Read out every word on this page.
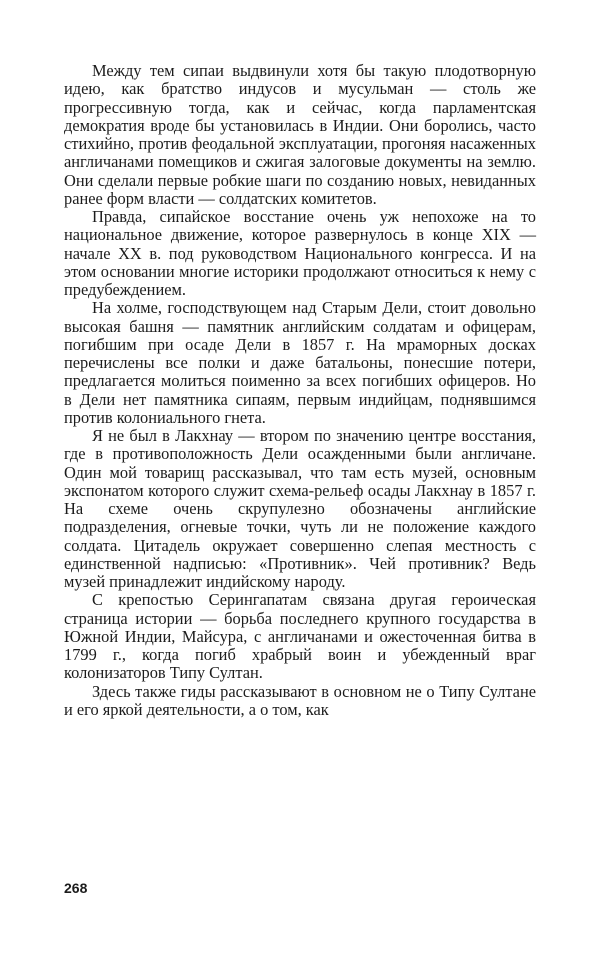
Между тем сипаи выдвинули хотя бы такую плодотворную идею, как братство индусов и мусульман — столь же прогрессивную тогда, как и сейчас, когда парламентская демократия вроде бы установилась в Индии. Они боролись, часто стихийно, против феодальной эксплуатации, прогоняя насаженных англичанами помещиков и сжигая залоговые документы на землю. Они сделали первые робкие шаги по созданию новых, невиданных ранее форм власти — солдатских комитетов.

Правда, сипайское восстание очень уж непохоже на то национальное движение, которое развернулось в конце XIX — начале XX в. под руководством Национального конгресса. И на этом основании многие историки продолжают относиться к нему с предубеждением.

На холме, господствующем над Старым Дели, стоит довольно высокая башня — памятник английским солдатам и офицерам, погибшим при осаде Дели в 1857 г. На мраморных досках перечислены все полки и даже батальоны, понесшие потери, предлагается молиться поименно за всех погибших офицеров. Но в Дели нет памятника сипаям, первым индийцам, поднявшимся против колониального гнета.

Я не был в Лакхнау — втором по значению центре восстания, где в противоположность Дели осажденными были англичане. Один мой товарищ рассказывал, что там есть музей, основным экспонатом которого служит схема-рельеф осады Лакхнау в 1857 г. На схеме очень скрупулезно обозначены английские подразделения, огневые точки, чуть ли не положение каждого солдата. Цитадель окружает совершенно слепая местность с единственной надписью: «Противник». Чей противник? Ведь музей принадлежит индийскому народу.

С крепостью Серингапатам связана другая героическая страница истории — борьба последнего крупного государства в Южной Индии, Майсура, с англичанами и ожесточенная битва в 1799 г., когда погиб храбрый воин и убежденный враг колонизаторов Типу Султан.

Здесь также гиды рассказывают в основном не о Типу Султане и его яркой деятельности, а о том, как

268
